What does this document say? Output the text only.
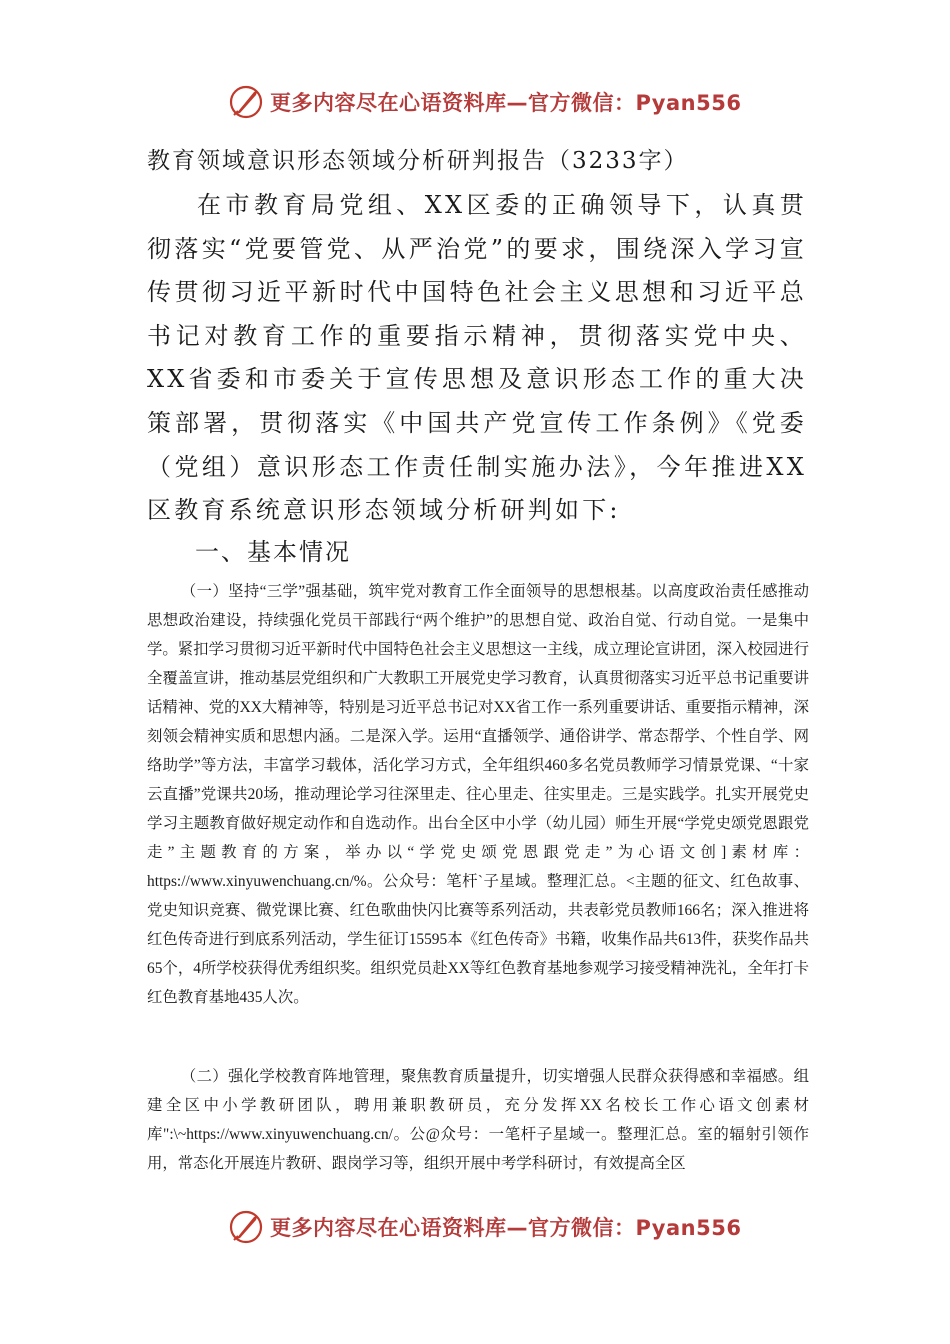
更多内容尽在心语资料库—官方微信：Pyan556
教育领域意识形态领域分析研判报告（3233字）

在市教育局党组、XX区委的正确领导下，认真贯彻落实“党要管党、从严治党”的要求，围绕深入学习宣传贯彻习近平新时代中国特色社会主义思想和习近平总书记对教育工作的重要指示精神，贯彻落实党中央、XX省委和市委关于宣传思想及意识形态工作的重大决策部署，贯彻落实《中国共产党宣传工作条例》《党委（党组）意识形态工作责任制实施办法》，今年推进XX区教育系统意识形态领域分析研判如下:

一、基本情况

（一）坚持“三学”强基础，筑牢党对教育工作全面领导的思想根基。以高度政治责任感推动思想政治建设，持续强化党员干部践行“两个维护”的思想自觉、政治自觉、行动自觉。一是集中学。紧扣学习贯彻习近平新时代中国特色社会主义思想这一主线，成立理论宣讲团，深入校园进行全覆盖宣讲，推动基层党组织和广大教职工开展党史学习教育，认真贯彻落实习近平总书记重要讲话精神、党的XX大精神等，特别是习近平总书记对XX省工作一系列重要讲话、重要指示精神，深刻领会精神实质和思想内涵。二是深入学。运用“直播领学、通俗讲学、常态帮学、个性自学、网络助学”等方法，丰富学习载体，活化学习方式，全年组织460多名党员教师学习情景党课、“十家云直播”党课共20场，推动理论学习往深里走、往心里走、往实里走。三是实践学。扎实开展党史学习主题教育做好规定动作和自选动作。出台全区中小学（幼儿园）师生开展“学党史颂党恩跟党走”主题教育的方案，举办以“学党史颂党恩跟党走”为心语文创]素材库：https://www.xinyuwenchuang.cn/%。公众号：笔杆`子星域。整理汇总。<主题的征文、红色故事、党史知识竞赛、微党课比赛、红色歌曲快闪比赛等系列活动，共表彰党员教师166名；深入推进将红色传奇进行到底系列活动，学生征订15595本《红色传奇》书籍，收集作品共613件，获奖作品共65个，4所学校获得优秀组织奖。组织党员赴XX等红色教育基地参观学习接受精神洗礼，全年打卡红色教育基地435人次。

（二）强化学校教育阵地管理，聚焦教育质量提升，切实增强人民群众获得感和幸福感。组建全区中小学教研团队，聘用兼职教研员，充分发挥XX名校长工作心语文创素材库":\~https://www.xinyuwenchuang.cn/。公@众号：一笔杆子星域一。整理汇总。室的辐射引领作用，常态化开展连片教研、跟岗学习等，组织开展中考学科研讨，有效提高全区

更多内容尽在心语资料库—官方微信：Pyan556
